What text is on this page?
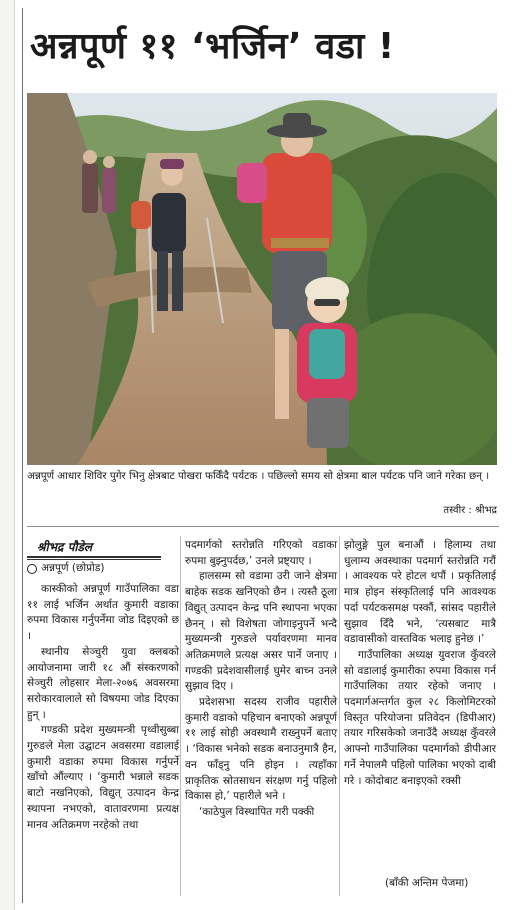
अन्नपूर्ण ११ ‘भर्जिन’ वडा !
अन्नपूर्ण आधार शिविर पुगेर भिनु क्षेत्रबाट पोखरा फर्किँदै पर्यटक । पछिल्लो समय सो क्षेत्रमा बाल पर्यटक पनि जाने गरेका छन् ।
तस्वीर : श्रीभद्र
श्रीभद्र पौडेल
अन्नपूर्ण (छोप्रोड)

कास्कीको अन्नपूर्ण गाउँपालिका वडा ११ लाई भर्जिन अर्थात कुमारी वडाका रुपमा विकास गर्नुपर्नेमा जोड दिइएको छ ।

स्थानीय सेञ्चुरी युवा क्लबको आयोजनामा जारी १८ औं संस्करणको सेञ्चुरी लोहसार मेला-२०७६ अवसरमा सरोकारवालाले सो विषयमा जोड दिएका हुन् ।

गण्डकी प्रदेश मुख्यमन्त्री पृथ्वीसुब्बा गुरुङले मेला उद्घाटन अवसरमा वडालाई कुमारी वडाका रुपमा विकास गर्नुपर्ने खाँचो औंल्याए । ‘कुमारी भन्नाले सडक बाटो नखनिएको, विद्युत् उत्पादन केन्द्र स्थापना नभएको, वातावरणमा प्रत्यक्ष मानव अतिक्रमण नरहेको तथा

पदमार्गको स्तरोन्नति गरिएको वडाका रुपमा बुझ्नुपर्दछ,’ उनले प्रष्ट्याए ।

हालसम्म सो वडामा उरी जाने क्षेत्रमा बाहेक सडक खनिएको छैन । त्यस्तै ठूला विद्युत् उत्पादन केन्द्र पनि स्थापना भएका छैनन् । सो विशेषता जोगाइनुपर्ने भन्दै मुख्यमन्त्री गुरुङले पर्यावरणमा मानव अतिक्रमणले प्रत्यक्ष असर पार्ने जनाए । गण्डकी प्रदेशवासीलाई घुमेर बाच्न उनले सुझाव दिए ।

प्रदेशसभा सदस्य राजीव पहारीले कुमारी वडाको पहिचान बनाएको अन्नपूर्ण ११ लाई सोही अवस्थामै राख्नुपर्ने बताए । ‘विकास भनेको सडक बनाउनुमात्रै हैन, वन फाँड्नु पनि होइन । त्यहाँका प्राकृतिक स्रोतसाधन संरक्षण गर्नु पहिलो विकास हो,’ पहारीले भने ।

‘काठेपुल विस्थापित गरी पक्की

झोलुङ्गे पुल बनाऔं । हिलाम्य तथा धुलाम्य अवस्थाका पदमार्ग स्तरोन्नति गरौं । आवश्यक परे होटल थपौं । प्रकृतिलाई मात्र होइन संस्कृतिलाई पनि आवश्यक पर्दा पर्यटकसमक्ष पस्कौं, सांसद पहारीले सुझाव दिँदै भने, ‘त्यसबाट मात्रै वडावासीको वास्तविक भलाइ हुनेछ ।’

गाउँपालिका अध्यक्ष युवराज कुँवरले सो वडालाई कुमारीका रुपमा विकास गर्न गाउँपालिका तयार रहेको जनाए । पदमार्गअन्तर्गत कुल २८ किलोमिटरको विस्तृत परियोजना प्रतिवेदन (डिपीआर) तयार गरिसकेको जनाउँदै अध्यक्ष कुँवरले आफ्नो गाउँपालिका पदमार्गको डीपीआर गर्ने नेपालमै पहिलो पालिका भएको दाबी गरे । कोदोबाट बनाइएको रक्सी

(बाँकी अन्तिम पेजमा)
